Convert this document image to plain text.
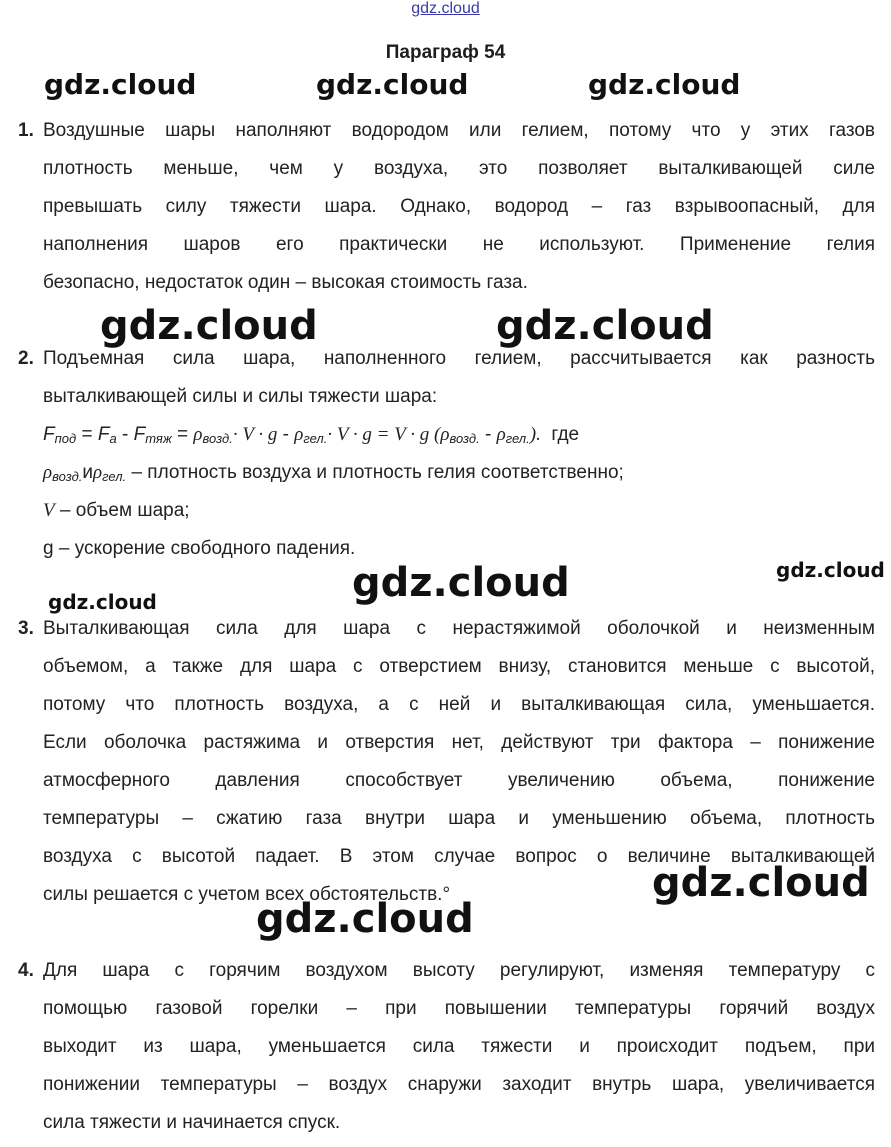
gdz.cloud
Параграф 54
gdz.cloud	gdz.cloud	gdz.cloud
gdz.cloud	gdz.cloud
gdz.cloud	gdz.cloud
gdz.cloud
gdz.cloud
gdz.cloud
1. Воздушные шары наполняют водородом или гелием, потому что у этих газов
плотность меньше, чем у воздуха, это позволяет выталкивающей силе
превышать силу тяжести шара. Однако, водород – газ взрывоопасный, для
наполнения шаров его практически не используют. Применение гелия
безопасно, недостаток один – высокая стоимость газа.
2. Подъемная сила шара, наполненного гелием, рассчитывается как разность
выталкивающей силы и силы тяжести шара:
$F_{под} = F_a - F_{тяж} = \rho_{возд.}\cdot V \cdot g - \rho_{гел.}\cdot V \cdot g = V \cdot g$ $(\rho_{возд.} - \rho_{гел.})$. где
$\rho_{возд.}и\rho_{гел.}$ – плотность воздуха и плотность гелия соответственно;
V – объем шара;
g – ускорение свободного падения.
3. Выталкивающая сила для шара с нерастяжимой оболочкой и неизменным
объемом, а также для шара с отверстием внизу, становится меньше с высотой,
потому что плотность воздуха, а с ней и выталкивающая сила, уменьшается.
Если оболочка растяжима и отверстия нет, действуют три фактора – понижение
атмосферного давления способствует увеличению объема, понижение
температуры – сжатию газа внутри шара и уменьшению объема, плотность
воздуха с высотой падает. В этом случае вопрос о величине выталкивающей
силы решается с учетом всех обстоятельств.°
4. Для шара с горячим воздухом высоту регулируют, изменяя температуру с
помощью газовой горелки – при повышении температуры горячий воздух
выходит из шара, уменьшается сила тяжести и происходит подъем, при
понижении температуры – воздух снаружи заходит внутрь шара, увеличивается
сила тяжести и начинается спуск.
